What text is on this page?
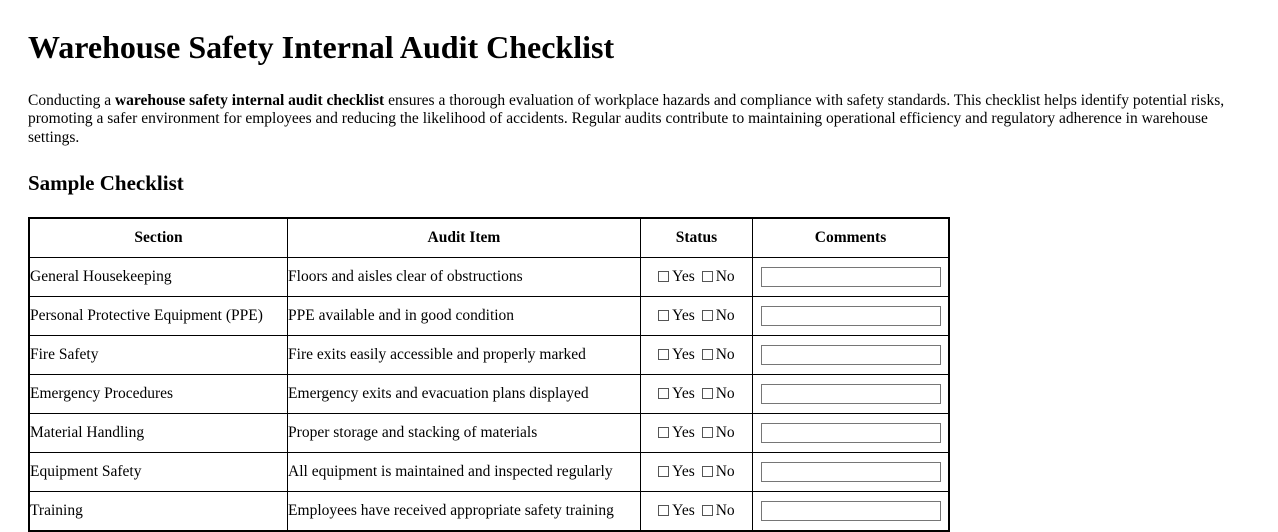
Warehouse Safety Internal Audit Checklist

Conducting a warehouse safety internal audit checklist ensures a thorough evaluation of workplace hazards and compliance with safety standards. This checklist helps identify potential risks, promoting a safer environment for employees and reducing the likelihood of accidents. Regular audits contribute to maintaining operational efficiency and regulatory adherence in warehouse settings.

Sample Checklist
Section	Audit Item	Status	Comments
General Housekeeping	Floors and aisles clear of obstructions	Yes No	
Personal Protective Equipment (PPE)	PPE available and in good condition	Yes No	
Fire Safety	Fire exits easily accessible and properly marked	Yes No	
Emergency Procedures	Emergency exits and evacuation plans displayed	Yes No	
Material Handling	Proper storage and stacking of materials	Yes No	
Equipment Safety	All equipment is maintained and inspected regularly	Yes No	
Training	Employees have received appropriate safety training	Yes No	
